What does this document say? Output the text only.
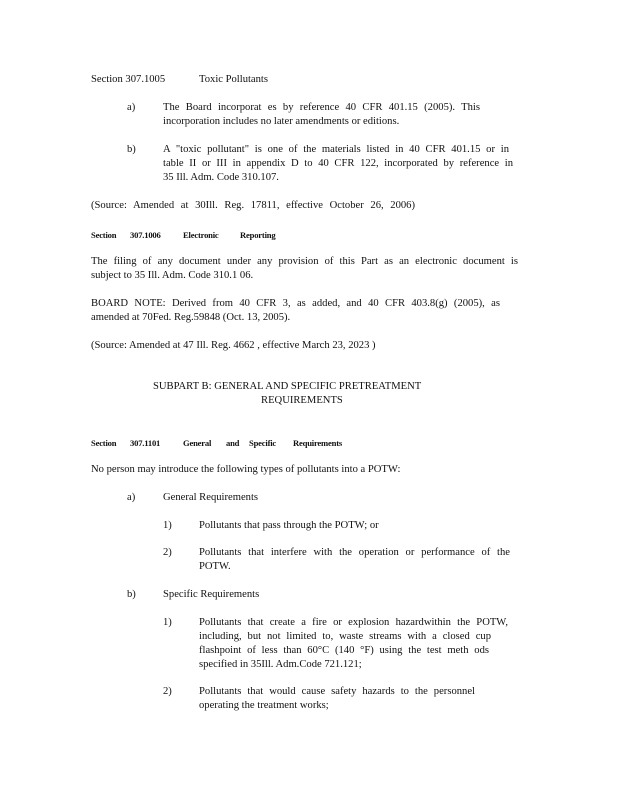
Section 307.1005	Toxic Pollutants
a)	The Board incorporat es by reference 40 CFR 401.15 (2005). This
incorporation includes no later amendments or editions.
b)	A "toxic pollutant" is one of the materials listed in 40 CFR 401.15 or in
table II or III in appendix D to 40 CFR 122, incorporated by reference in
35 Ill. Adm. Code 310.107.
(Source: Amended at 30Ill. Reg. 17811, effective October 26, 2006)
Section 307.1006	Electronic Reporting
The filing of any document under any provision of this Part as an electronic document is
subject to 35 Ill. Adm. Code 310.1 06.
BOARD NOTE: Derived from 40 CFR 3, as added, and 40 CFR 403.8(g) (2005), as
amended at 70Fed. Reg.59848 (Oct. 13, 2005).
(Source: Amended at 47 Ill. Reg. 4662 , effective March 23, 2023 )
SUBPART B: GENERAL AND SPECIFIC PRETREATMENT
REQUIREMENTS
Section 307.1101	General and Specific Requirements
No person may introduce the following types of pollutants into a POTW:
a)	General Requirements
1)	Pollutants that pass through the POTW; or
2)	Pollutants that interfere with the operation or performance of the
POTW.
b)	Specific Requirements
1)	Pollutants that create a fire or explosion hazardwithin the POTW,
including, but not limited to, waste streams with a closed cup
flashpoint of less than 60°C (140 °F) using the test meth ods
specified in 35Ill. Adm.Code 721.121;
2)	Pollutants that would cause safety hazards to the personnel
operating the treatment works;
